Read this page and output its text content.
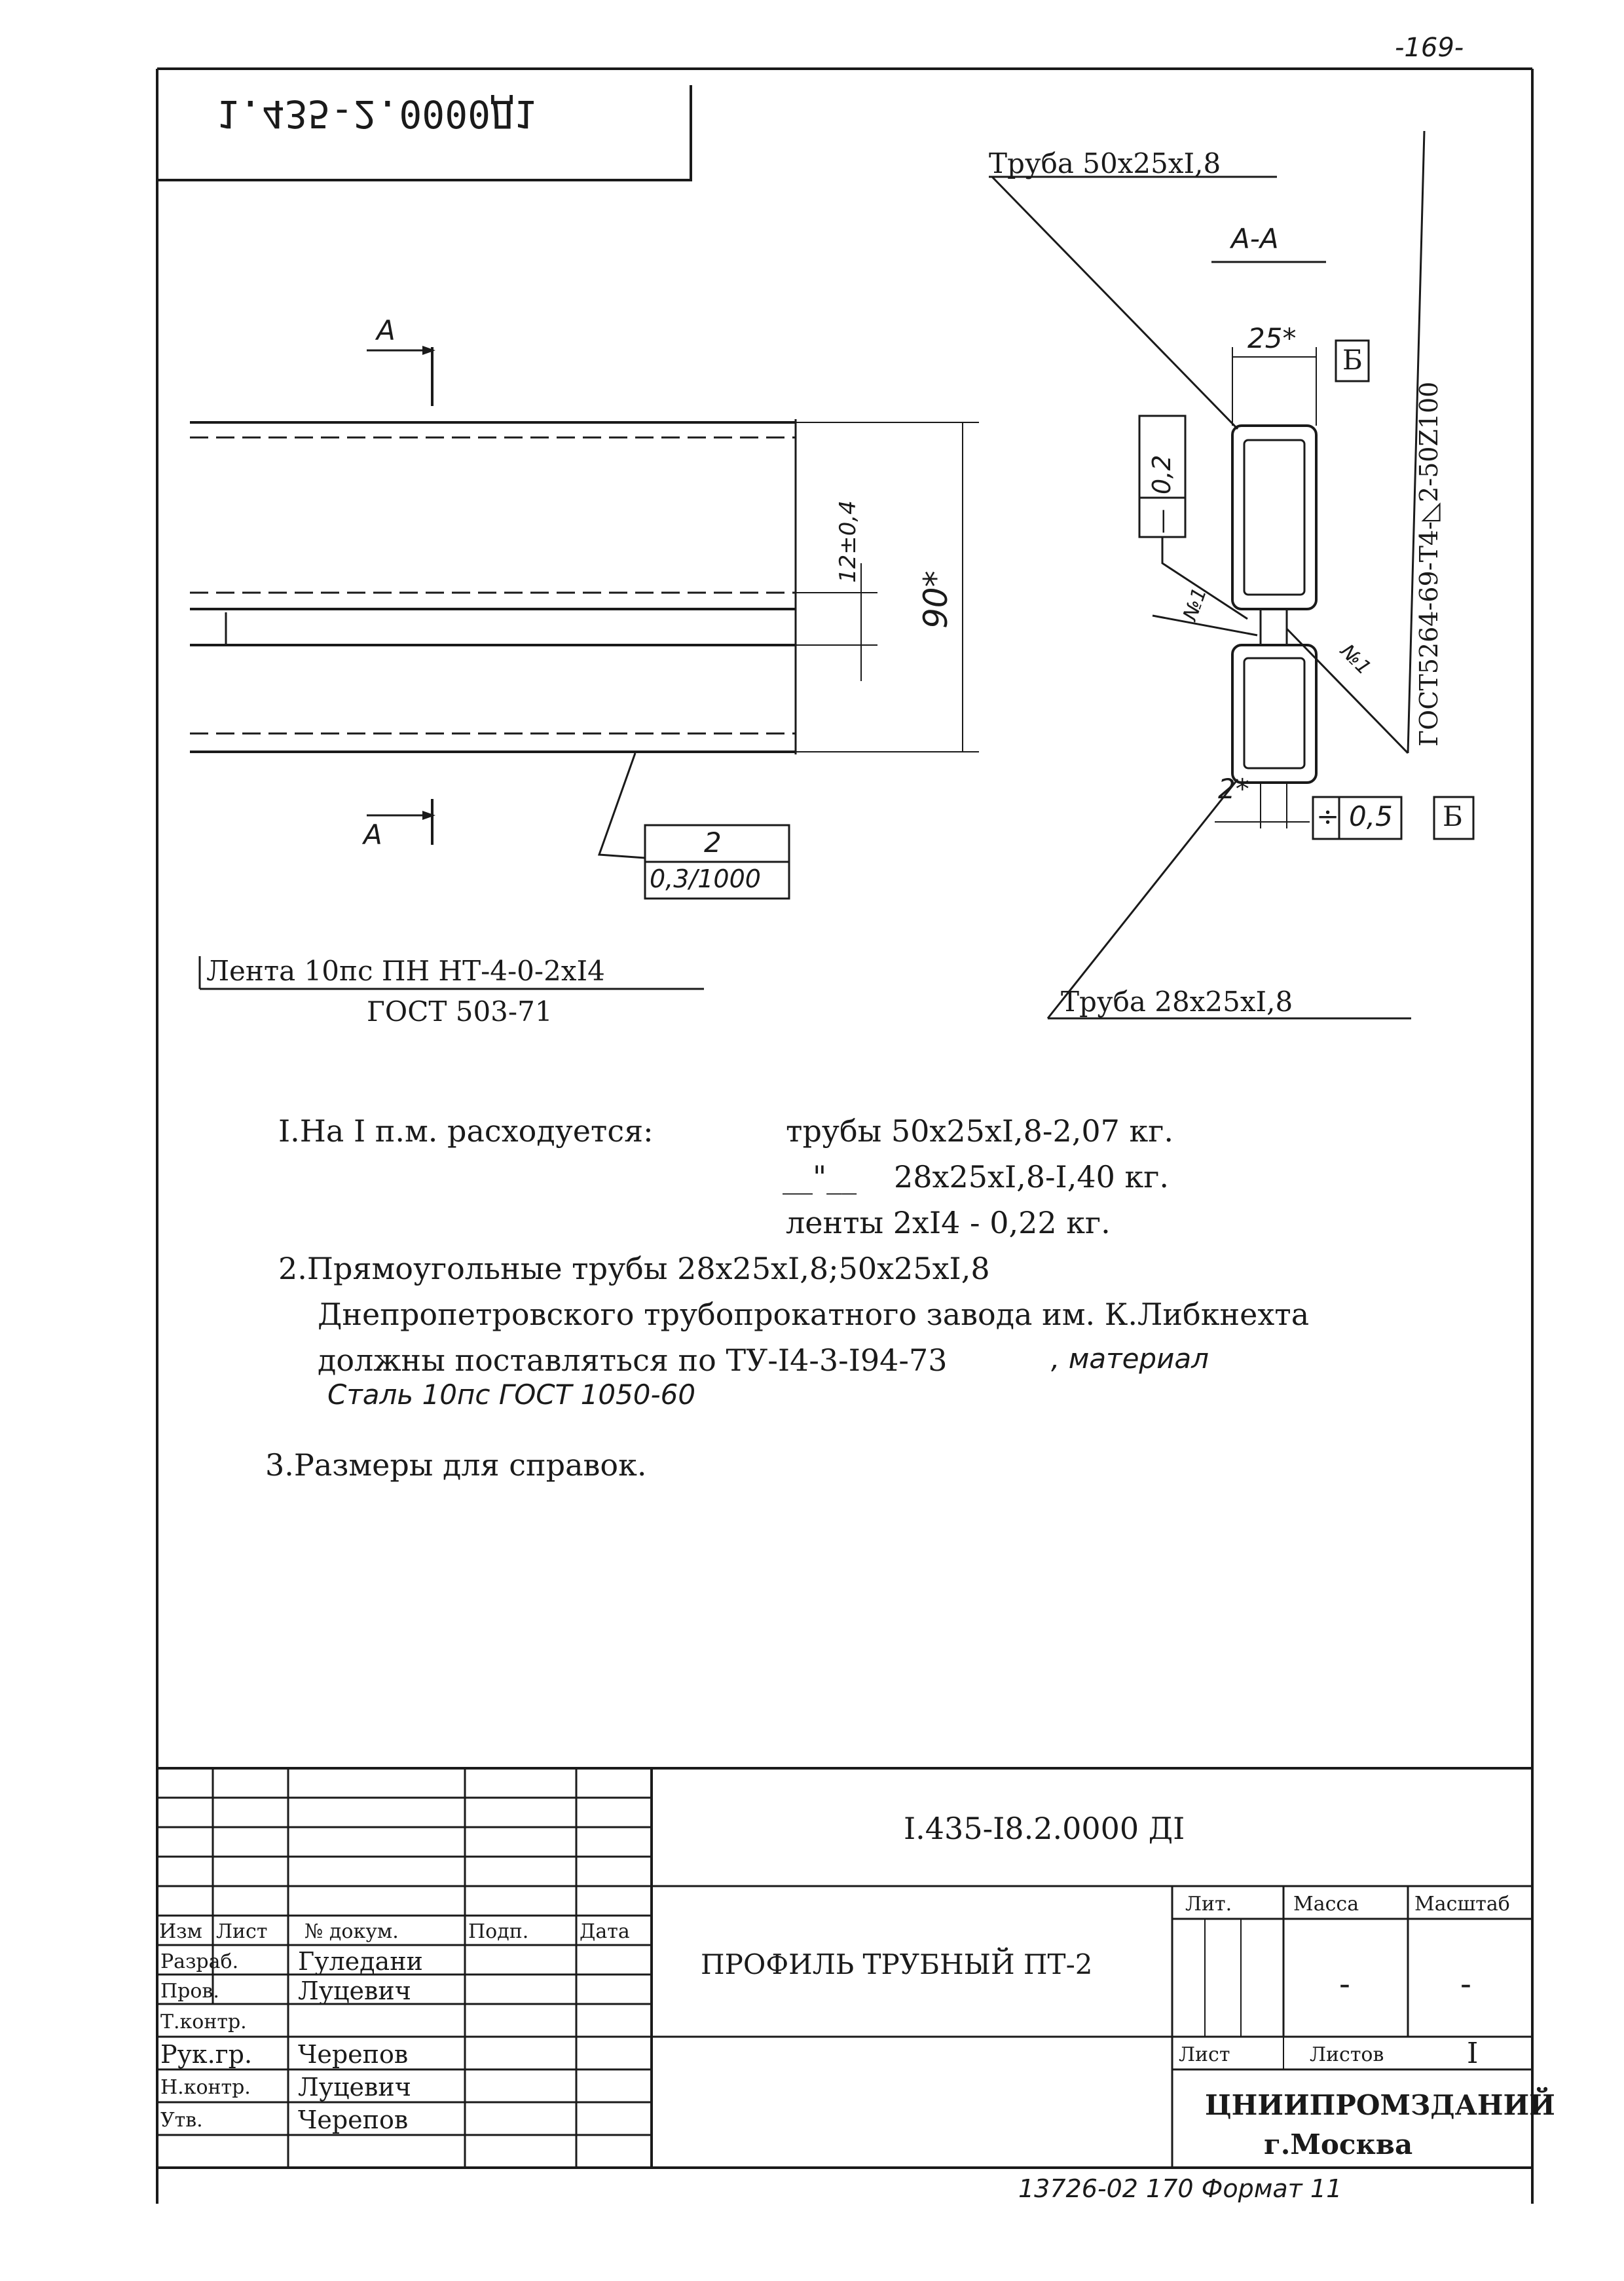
-169-
1.435-2.0000Д1
А
А
А-А
12±0,4
90*
25*
Б
2*
÷ 0,5 Б
0,2
—
№1
№1
2
0,3/1000
Труба 50х25хI,8
Труба 28х25хI,8
ГОСТ5264-69-Т4-◺2-50Z100
Лента 10пс ПН НТ-4-0-2хI4
ГОСТ 503-71
I.На I п.м. расходуется:	трубы 50х25хI,8-2,07 кг.
__"__ 28х25хI,8-I,40 кг.
ленты 2хI4 - 0,22 кг.
2.Прямоугольные трубы 28х25хI,8;50х25хI,8
Днепропетровского трубопрокатного завода им. К.Либкнехта
должны поставляться по ТУ-I4-3-I94-73	, материал
Сталь 10пс ГОСТ 1050-60
3.Размеры для справок.
I.435-I8.2.0000 ДI
ПРОФИЛЬ ТРУБНЫЙ ПТ-2
Изм Лист № докум.	Подп.	Дата
Разраб. Гуледани
Пров.	Луцевич
Т.контр.
Рук.гр. Черепов
Н.контр. Луцевич
Утв.	Черепов
Лит.	Масса	Масштаб
-	-
Лист	Листов	I
ЦНИИПРОМЗДАНИЙ
г.Москва
13726-02 170 Формат 11
